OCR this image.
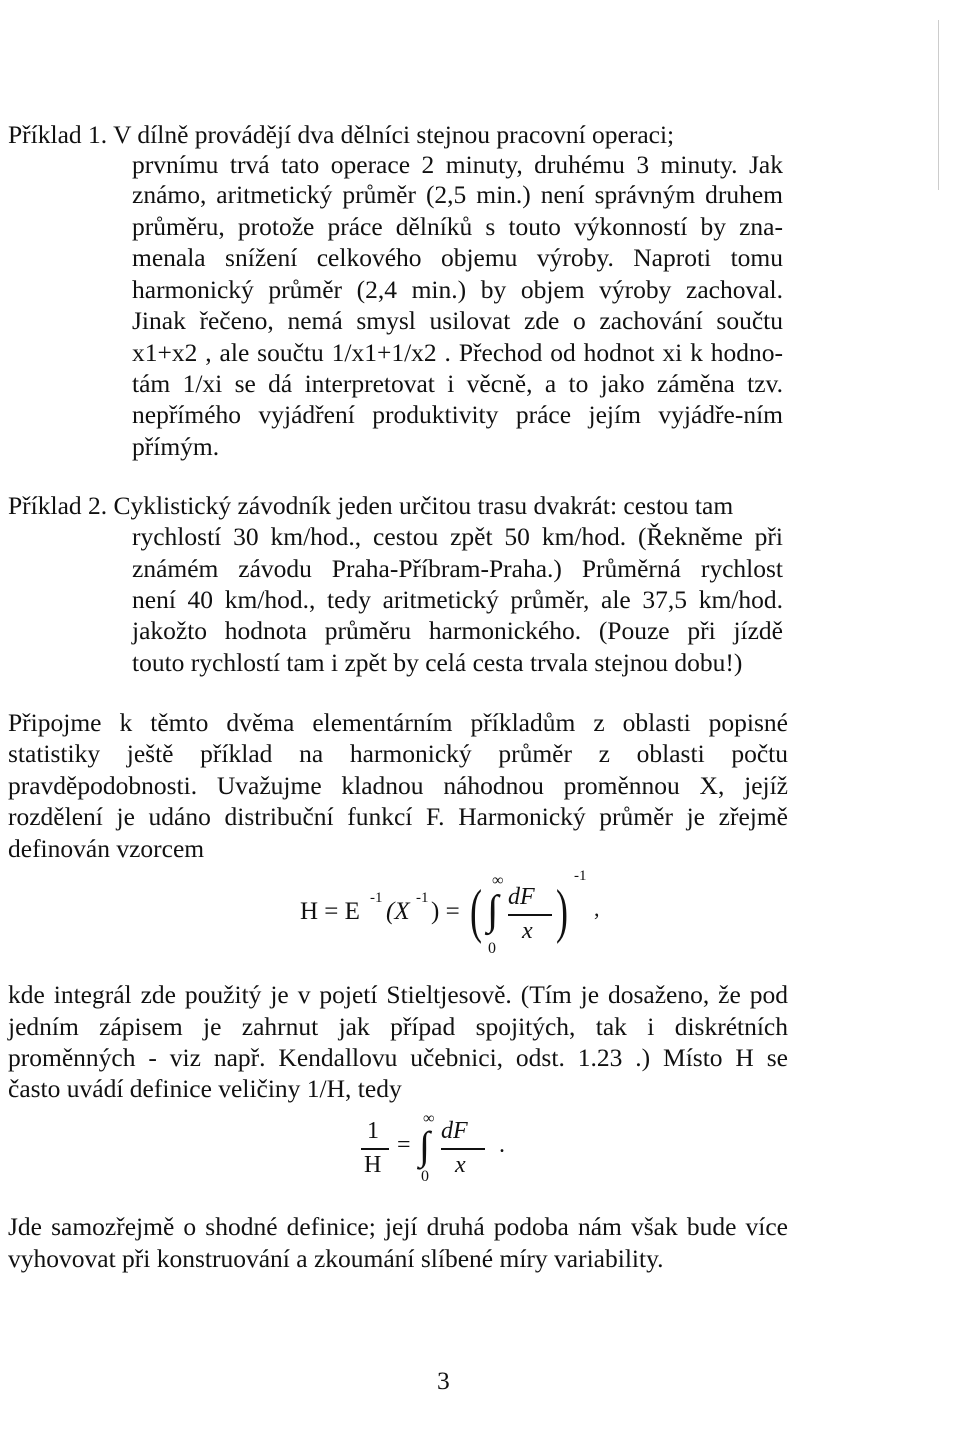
Příklad 1. V dílně provádějí dva dělníci stejnou pracovní operaci;
prvnímu trvá tato operace 2 minuty, druhému 3 minuty. Jak
známo, aritmetický průměr (2,5 min.) není správným druhem
průměru, protože práce dělníků s touto výkonností by zna-
menala snížení celkového objemu výroby. Naproti tomu
harmonický průměr (2,4 min.) by objem výroby zachoval.
Jinak řečeno, nemá smysl usilovat zde o zachování součtu
x1+x2 , ale součtu 1/x1+1/x2 . Přechod od hodnot xi k hodno-
tám 1/xi se dá interpretovat i věcně, a to jako záměna tzv.
nepřímého vyjádření produktivity práce jejím vyjádře-ním
přímým.
Příklad 2. Cyklistický závodník jeden určitou trasu dvakrát: cestou tam
rychlostí 30 km/hod., cestou zpět 50 km/hod. (Řekněme při
známém závodu Praha-Příbram-Praha.) Průměrná rychlost
není 40 km/hod., tedy aritmetický průměr, ale 37,5 km/hod.
jakožto hodnota průměru harmonického. (Pouze při jízdě
touto rychlostí tam i zpět by celá cesta trvala stejnou dobu!)
Připojme k těmto dvěma elementárním příkladům z oblasti popisné
statistiky ještě příklad na harmonický průměr z oblasti počtu
pravděpodobnosti. Uvažujme kladnou náhodnou proměnnou X, jejíž
rozdělení je udáno distribuční funkcí F. Harmonický průměr je zřejmě
definován vzorcem
H = E -1 (X -1 ) = ( ∫
∞
0
dF
x )
-1
,
kde integrál zde použitý je v pojetí Stieltjesově. (Tím je dosaženo, že pod
jedním zápisem je zahrnut jak případ spojitých, tak i diskrétních
proměnných - viz např. Kendallovu učebnici, odst. 1.23 .) Místo H se
často uvádí definice veličiny 1/H, tedy
1
H
= ∫
∞
0
dF
x
.
Jde samozřejmě o shodné definice; její druhá podoba nám však bude více
vyhovovat při konstruování a zkoumání slíbené míry variability.
3
